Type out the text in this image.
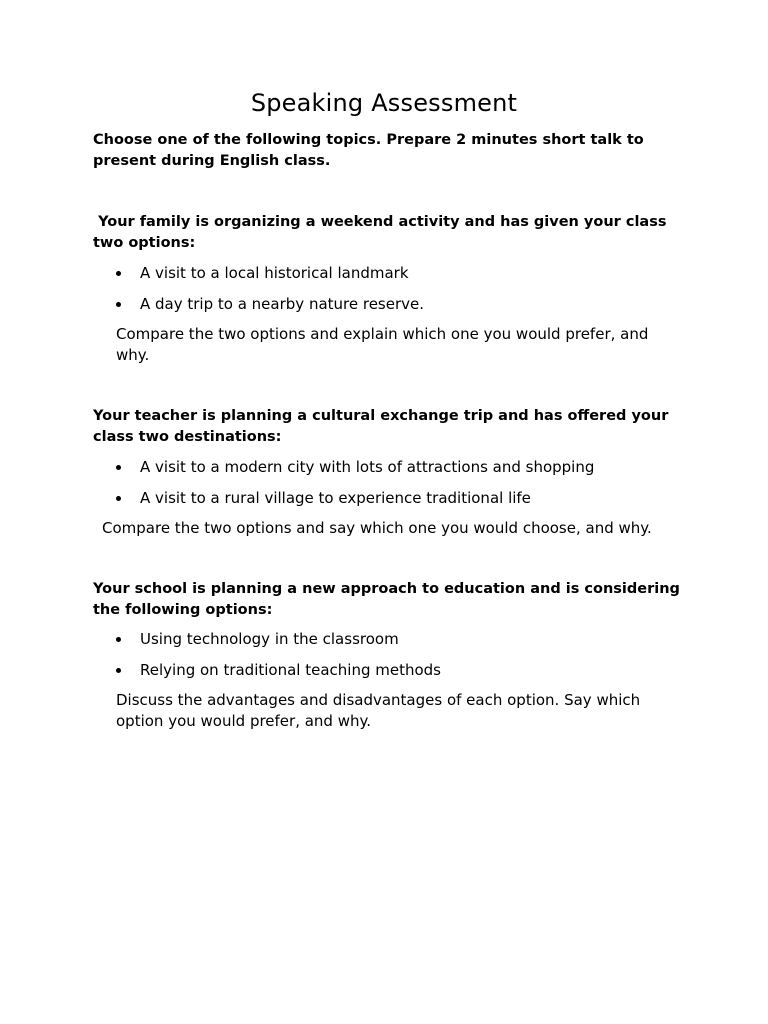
Speaking Assessment

Choose one of the following topics. Prepare 2 minutes short talk to present during English class.

Your family is organizing a weekend activity and has given your class two options:

A visit to a local historical landmark
A day trip to a nearby nature reserve.

Compare the two options and explain which one you would prefer, and why.

Your teacher is planning a cultural exchange trip and has offered your class two destinations:

A visit to a modern city with lots of attractions and shopping
A visit to a rural village to experience traditional life

Compare the two options and say which one you would choose, and why.

Your school is planning a new approach to education and is considering the following options:

Using technology in the classroom
Relying on traditional teaching methods

Discuss the advantages and disadvantages of each option. Say which option you would prefer, and why.
